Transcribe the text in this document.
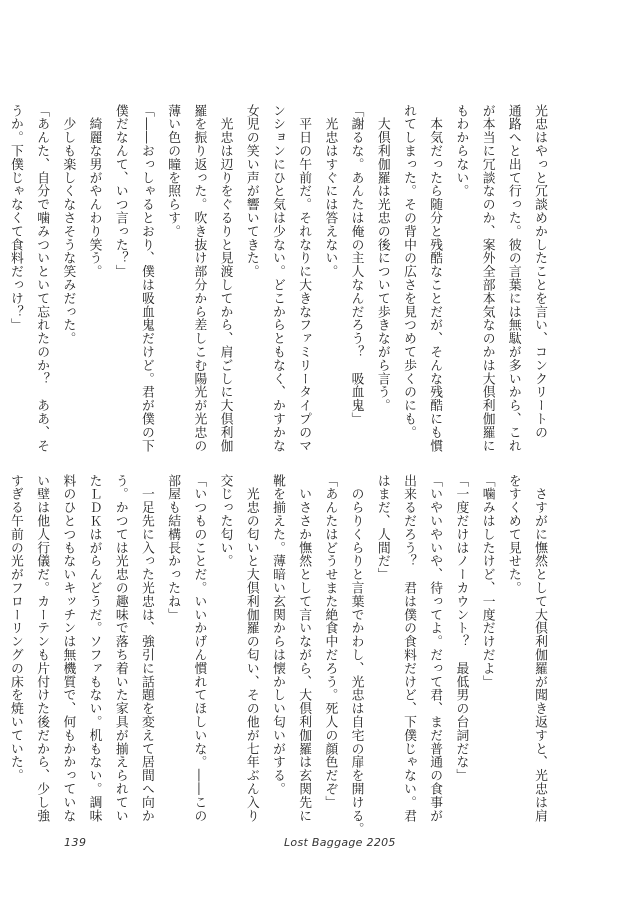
光忠はやっと冗談めかしたことを言い、コンクリートの

通路へと出て行った。彼の言葉には無駄が多いから、これ

が本当に冗談なのか、案外全部本気なのかは大倶利伽羅に

もわからない。

　本気だったら随分と残酷なことだが、そんな残酷にも慣

れてしまった。その背中の広さを見つめて歩くのにも。

　大倶利伽羅は光忠の後について歩きながら言う。

「謝るな。あんたは俺の主人なんだろう？　吸血鬼」

　光忠はすぐには答えない。

　平日の午前だ。それなりに大きなファミリータイプのマ

ンションにひと気は少ない。どこからともなく、かすかな

女児の笑い声が響いてきた。

　光忠は辺りをぐるりと見渡してから、肩ごしに大倶利伽

羅を振り返った。吹き抜け部分から差しこむ陽光が光忠の

薄い色の瞳を照らす。

「――おっしゃるとおり、僕は吸血鬼だけど。君が僕の下

僕だなんて、いつ言った？」

　綺麗な男がやんわり笑う。

　少しも楽しくなさそうな笑みだった。

「あんた、自分で噛みついといて忘れたのか？　ああ、そ

うか。下僕じゃなくて食料だっけ？」

　さすがに憮然として大倶利伽羅が聞き返すと、光忠は肩

をすくめて見せた。

「噛みはしたけど、一度だけだよ」

「一度だけはノーカウント？　最低男の台詞だな」

「いやいやいや、待ってよ。だって君、まだ普通の食事が

出来るだろう？　君は僕の食料だけど、下僕じゃない。君

はまだ、人間だ」

　のらりくらりと言葉でかわし、光忠は自宅の扉を開ける。

「あんたはどうせまた絶食中だろう。死人の顔色だぞ」

　いささか憮然として言いながら、大倶利伽羅は玄関先に

靴を揃えた。薄暗い玄関からは懐かしい匂いがする。

　光忠の匂いと大倶利伽羅の匂い、その他が七年ぶん入り

交じった匂い。

「いつものことだ。いいかげん慣れてほしいな。――この

部屋も結構長かったね」

　一足先に入った光忠は、強引に話題を変えて居間へ向か

う。かつては光忠の趣味で落ち着いた家具が揃えられてい

たＬＤＫはがらんどうだ。ソファもない。机もない。調味

料のひとつもないキッチンは無機質で、何もかかっていな

い壁は他人行儀だ。カーテンも片付けた後だから、少し強

すぎる午前の光がフローリングの床を焼いていた。

139	Lost Baggage 2205
